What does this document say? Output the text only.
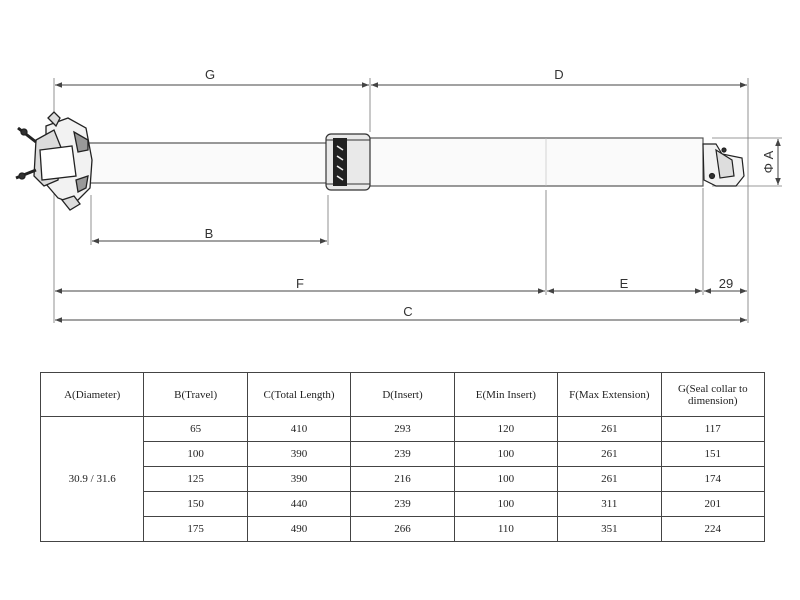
G	D
B
F	E	29
C
Φ A
A(Diameter)	B(Travel)	C(Total Length)	D(Insert)	E(Min Insert)	F(Max Extension)	G(Seal collar to dimension)
30.9 / 31.6	65	410	293	120	261	117
	100	390	239	100	261	151
	125	390	216	100	261	174
	150	440	239	100	311	201
	175	490	266	110	351	224
